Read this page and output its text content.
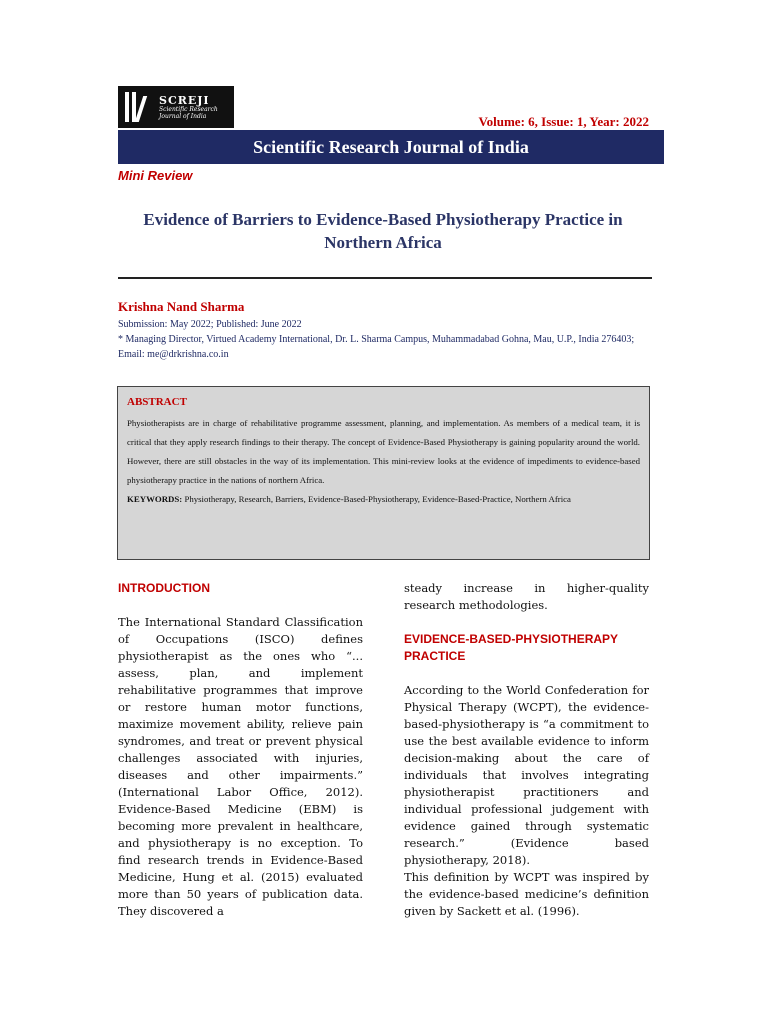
SCREJI
Scientific Research
Journal of India	Volume: 6, Issue: 1, Year: 2022
Scientific Research Journal of India
Mini Review
Evidence of Barriers to Evidence-Based Physiotherapy Practice in Northern Africa
Krishna Nand Sharma
Submission: May 2022; Published: June 2022
* Managing Director, Virtued Academy International, Dr. L. Sharma Campus, Muhammadabad Gohna, Mau, U.P., India 276403; Email: me@drkrishna.co.in
ABSTRACT
Physiotherapists are in charge of rehabilitative programme assessment, planning, and implementation. As members of a medical team, it is critical that they apply research findings to their therapy. The concept of Evidence-Based Physiotherapy is gaining popularity around the world. However, there are still obstacles in the way of its implementation. This mini-review looks at the evidence of impediments to evidence-based physiotherapy practice in the nations of northern Africa.
KEYWORDS: Physiotherapy, Research, Barriers, Evidence-Based-Physiotherapy, Evidence-Based-Practice, Northern Africa
INTRODUCTION

The International Standard Classification of Occupations (ISCO) defines physiotherapist as the ones who “... assess, plan, and implement rehabilitative programmes that improve or restore human motor functions, maximize movement ability, relieve pain syndromes, and treat or prevent physical challenges associated with injuries, diseases and other impairments.” (International Labor Office, 2012). Evidence-Based Medicine (EBM) is becoming more prevalent in healthcare, and physiotherapy is no exception. To find research trends in Evidence-Based Medicine, Hung et al. (2015) evaluated more than 50 years of publication data. They discovered a

steady increase in higher-quality research methodologies.

EVIDENCE-BASED-PHYSIOTHERAPY PRACTICE

According to the World Confederation for Physical Therapy (WCPT), the evidence-based-physiotherapy is “a commitment to use the best available evidence to inform decision-making about the care of individuals that involves integrating physiotherapist practitioners and individual professional judgement with evidence gained through systematic research.” (Evidence based physiotherapy, 2018).

This definition by WCPT was inspired by the evidence-based medicine’s definition given by Sackett et al. (1996).
